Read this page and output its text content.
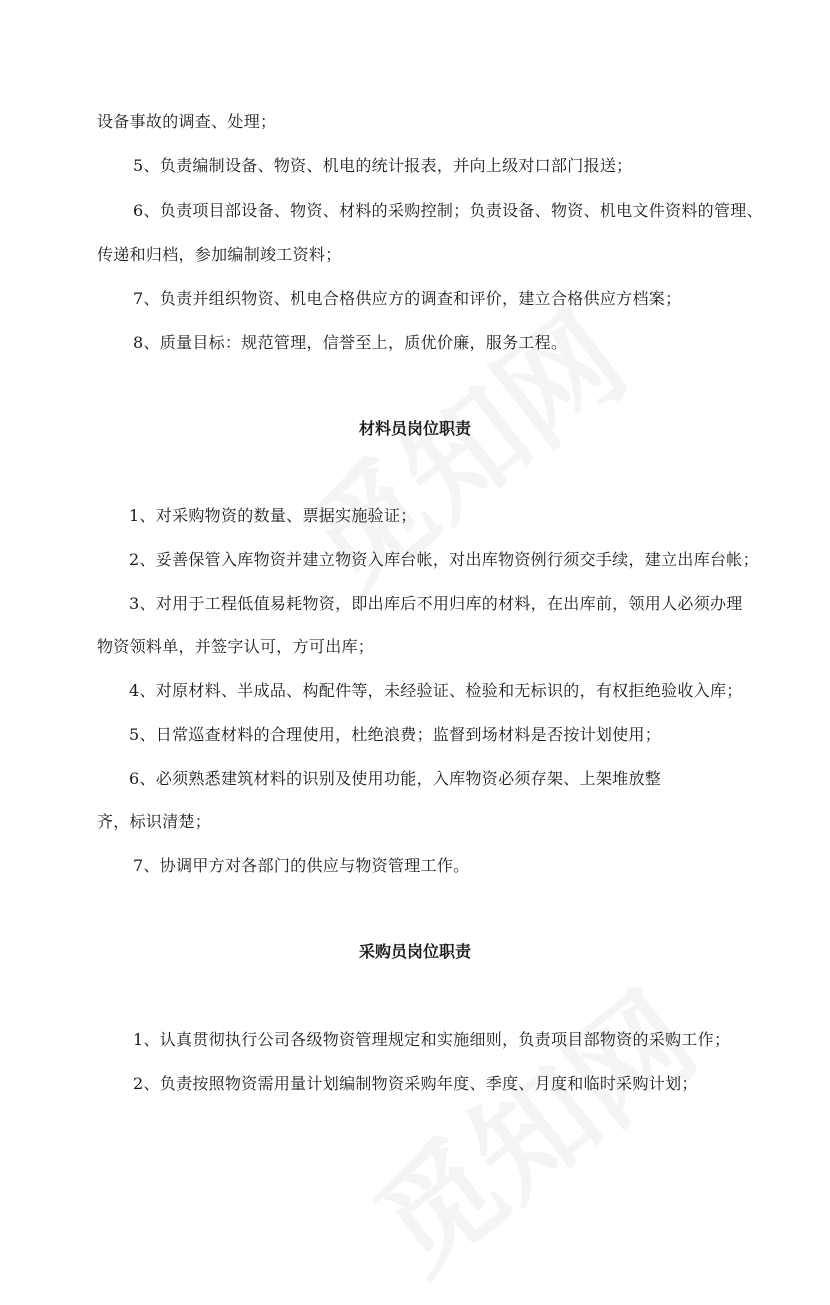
设备事故的调查、处理；
5、负责编制设备、物资、机电的统计报表，并向上级对口部门报送；
6、负责项目部设备、物资、材料的采购控制；负责设备、物资、机电文件资料的管理、
传递和归档，参加编制竣工资料；
7、负责并组织物资、机电合格供应方的调查和评价，建立合格供应方档案；
8、质量目标：规范管理，信誉至上，质优价廉，服务工程。
材料员岗位职责
1、对采购物资的数量、票据实施验证；
2、妥善保管入库物资并建立物资入库台帐，对出库物资例行须交手续，建立出库台帐；
3、对用于工程低值易耗物资，即出库后不用归库的材料，在出库前，领用人必须办理
物资领料单，并签字认可，方可出库；
4、对原材料、半成品、构配件等，未经验证、检验和无标识的，有权拒绝验收入库；
5、日常巡查材料的合理使用，杜绝浪费；监督到场材料是否按计划使用；
6、必须熟悉建筑材料的识别及使用功能，入库物资必须存架、上架堆放整
齐，标识清楚；
7、协调甲方对各部门的供应与物资管理工作。
采购员岗位职责
1、认真贯彻执行公司各级物资管理规定和实施细则，负责项目部物资的采购工作；
2、负责按照物资需用量计划编制物资采购年度、季度、月度和临时采购计划；
